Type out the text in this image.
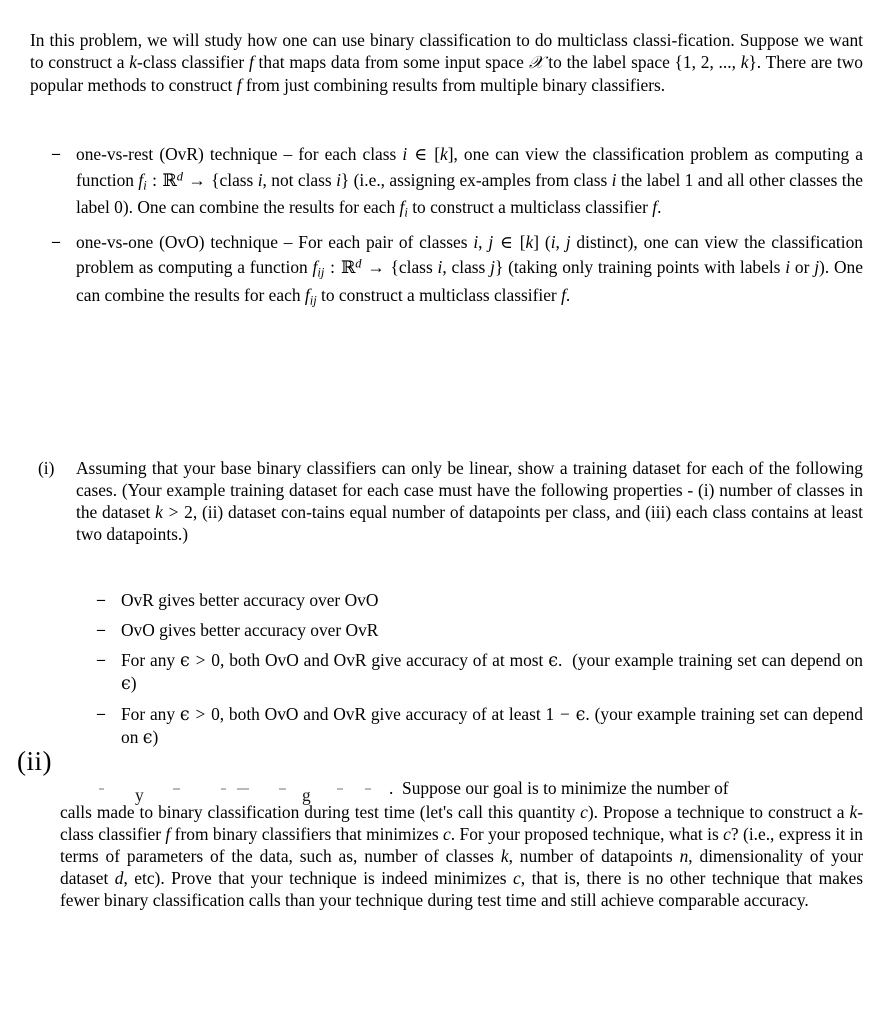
In this problem, we will study how one can use binary classification to do multiclass classi-fication. Suppose we want to construct a k-class classifier f that maps data from some input space 𝒳 to the label space {1, 2, ..., k}. There are two popular methods to construct f from just combining results from multiple binary classifiers.
– one-vs-rest (OvR) technique – for each class i ∈ [k], one can view the classification problem as computing a function $f_i$ : ℝ$^d$ → {class i, not class i} (i.e., assigning ex-amples from class i the label 1 and all other classes the label 0). One can combine the results for each $f_i$ to construct a multiclass classifier f.
– one-vs-one (OvO) technique – For each pair of classes i, j ∈ [k] (i, j distinct), one can view the classification problem as computing a function $f_{ij}$ : ℝ$^d$ → {class i, class j} (taking only training points with labels i or j). One can combine the results for each $f_{ij}$ to construct a multiclass classifier f.
(i)	Assuming that your base binary classifiers can only be linear, show a training dataset for each of the following cases. (Your example training dataset for each case must have the following properties - (i) number of classes in the dataset k > 2, (ii) dataset con-tains equal number of datapoints per class, and (iii) each class contains at least two datapoints.)
– OvR gives better accuracy over OvO
– OvO gives better accuracy over OvR
– For any ϵ > 0, both OvO and OvR give accuracy of at most ϵ.  (your example training set can depend on ϵ)
– For any ϵ > 0, both OvO and OvR give accuracy of at least 1 − ϵ. (your example training set can depend on ϵ)
(ii)
y	g	.  Suppose our goal is to minimize the number of
calls made to binary classification during test time (let's call this quantity c). Propose a technique to construct a k-class classifier f from binary classifiers that minimizes c. For your proposed technique, what is c? (i.e., express it in terms of parameters of the data, such as, number of classes k, number of datapoints n, dimensionality of your dataset d, etc). Prove that your technique is indeed minimizes c, that is, there is no other technique that makes fewer binary classification calls than your technique during test time and still achieve comparable accuracy.
